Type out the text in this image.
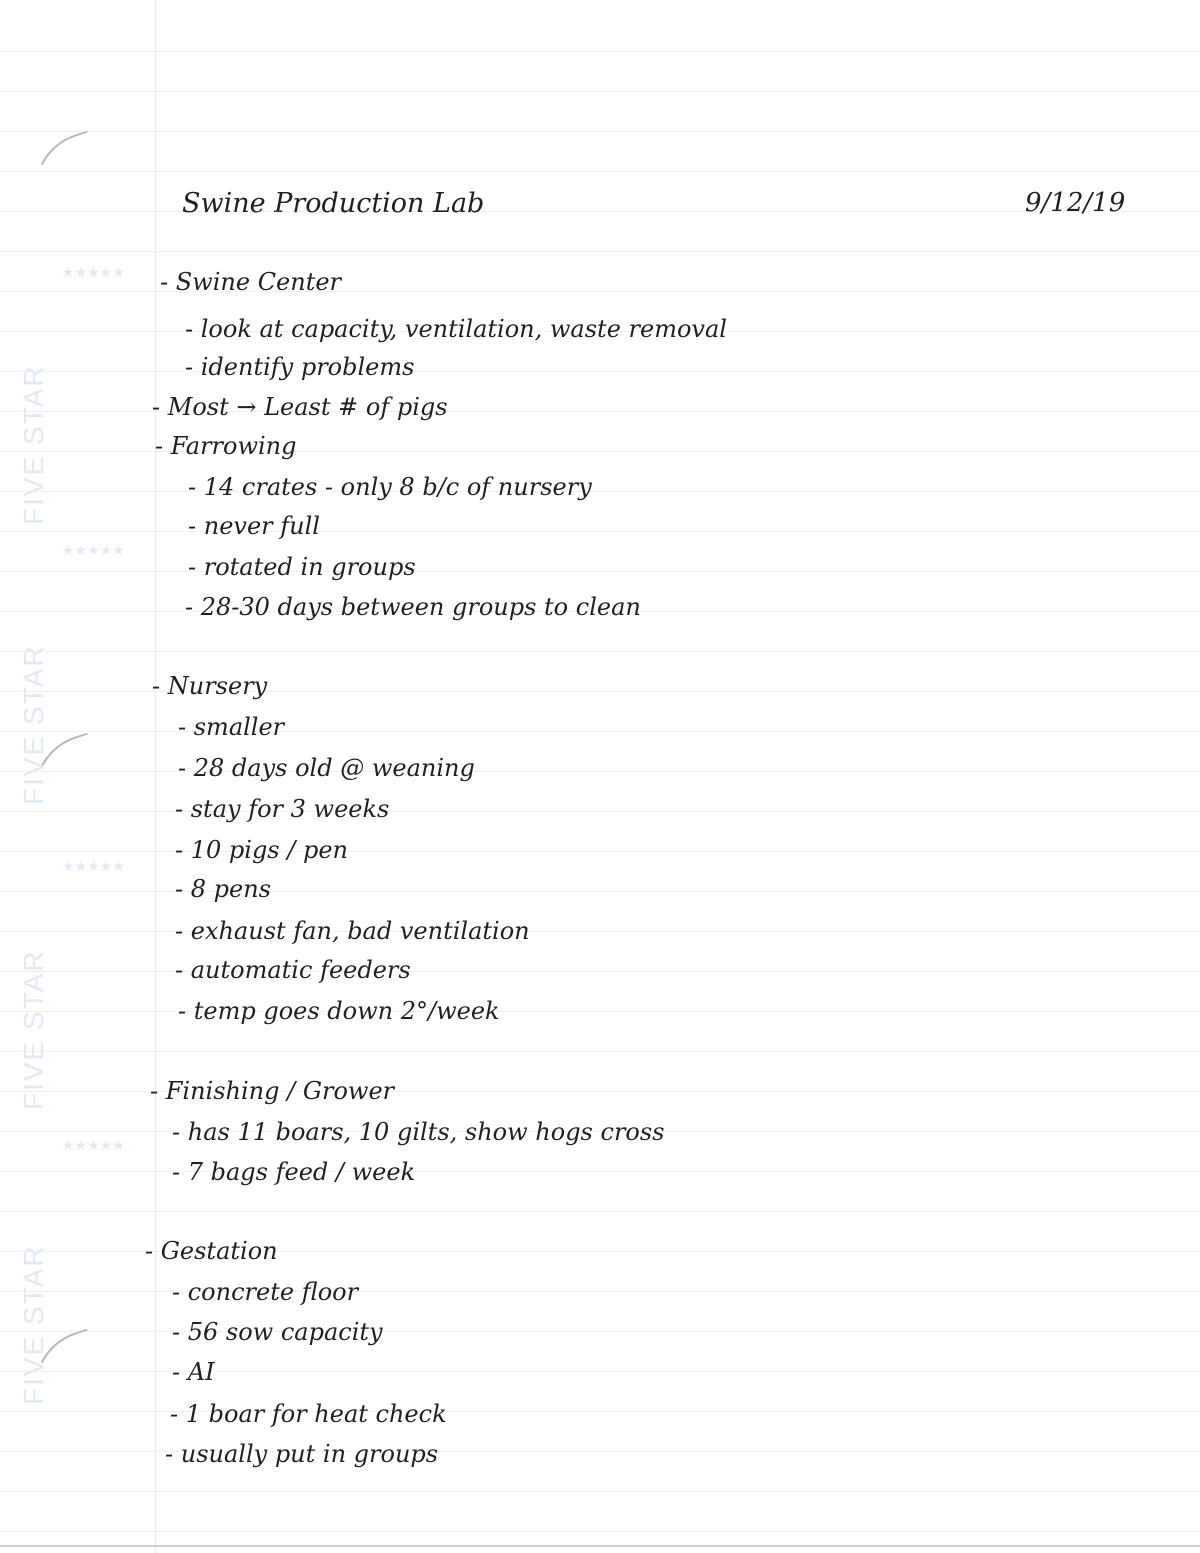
FIVE STAR
FIVE STAR
FIVE STAR
FIVE STAR
★★★★★
★★★★★
★★★★★
★★★★★
Swine Production Lab	9/12/19
- Swine Center
- look at capacity, ventilation, waste removal
- identify problems
- Most → Least # of pigs
- Farrowing
- 14 crates - only 8 b/c of nursery
- never full
- rotated in groups
- 28-30 days between groups to clean
- Nursery
- smaller
- 28 days old @ weaning
- stay for 3 weeks
- 10 pigs / pen
- 8 pens
- exhaust fan, bad ventilation
- automatic feeders
- temp goes down 2°/week
- Finishing / Grower
- has 11 boars, 10 gilts, show hogs cross
- 7 bags feed / week
- Gestation
- concrete floor
- 56 sow capacity
- AI
- 1 boar for heat check
- usually put in groups
